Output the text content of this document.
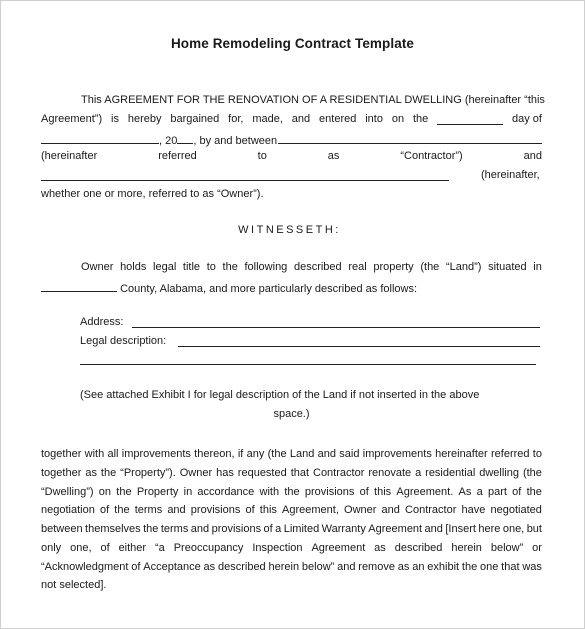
Home Remodeling Contract Template
This AGREEMENT FOR THE RENOVATION OF A RESIDENTIAL DWELLING (hereinafter “this
Agreement”) is hereby bargained for, made, and entered into on the	day of
, 20 , by and between
(hereinafter	referred	to	as	“Contractor”)	and
(hereinafter,
whether one or more, referred to as “Owner”).
WITNESSETH:
Owner holds legal title to the following described real property (the “Land”) situated in
County, Alabama, and more particularly described as follows:
Address:
Legal description:
(See attached Exhibit I for legal description of the Land if not inserted in the above
space.)
together with all improvements thereon, if any (the Land and said improvements hereinafter referred to
together as the “Property”). Owner has requested that Contractor renovate a residential dwelling (the
“Dwelling”) on the Property in accordance with the provisions of this Agreement. As a part of the
negotiation of the terms and provisions of this Agreement, Owner and Contractor have negotiated
between themselves the terms and provisions of a Limited Warranty Agreement and [Insert here one, but
only one, of either “a Preoccupancy Inspection Agreement as described herein below” or
“Acknowledgment of Acceptance as described herein below” and remove as an exhibit the one that was
not selected].
